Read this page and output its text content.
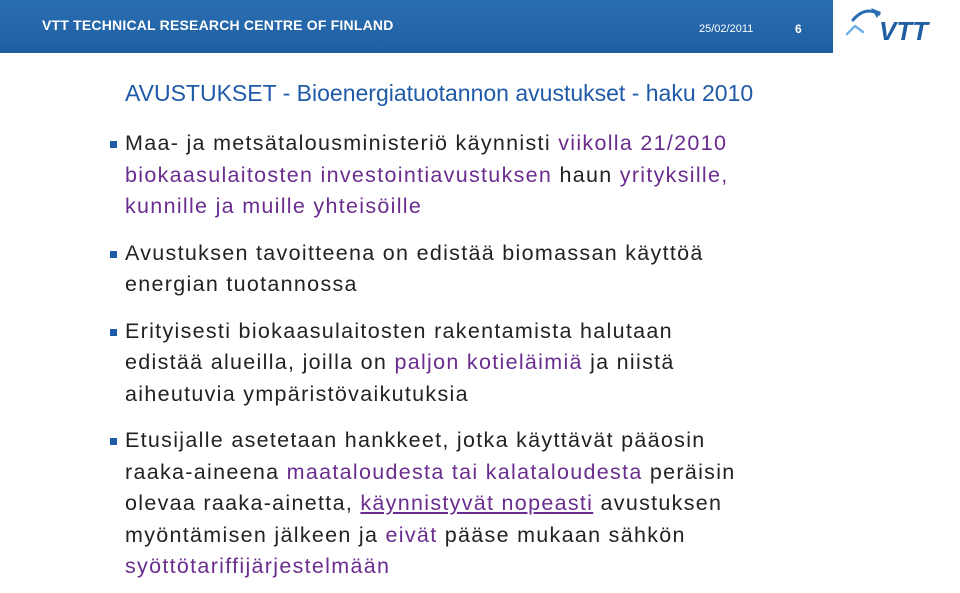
VTT TECHNICAL RESEARCH CENTRE OF FINLAND	25/02/2011	6	VTT
AVUSTUKSET - Bioenergiatuotannon avustukset - haku 2010
Maa- ja metsätalousministeriö käynnisti viikolla 21/2010
biokaasulaitosten investointiavustuksen haun yrityksille,
kunnille ja muille yhteisöille
Avustuksen tavoitteena on edistää biomassan käyttöä
energian tuotannossa
Erityisesti biokaasulaitosten rakentamista halutaan
edistää alueilla, joilla on paljon kotieläimiä ja niistä
aiheutuvia ympäristövaikutuksia
Etusijalle asetetaan hankkeet, jotka käyttävät pääosin
raaka-aineena maataloudesta tai kalataloudesta peräisin
olevaa raaka-ainetta, käynnistyvät nopeasti avustuksen
myöntämisen jälkeen ja eivät pääse mukaan sähkön
syöttötariffijärjestelmään
